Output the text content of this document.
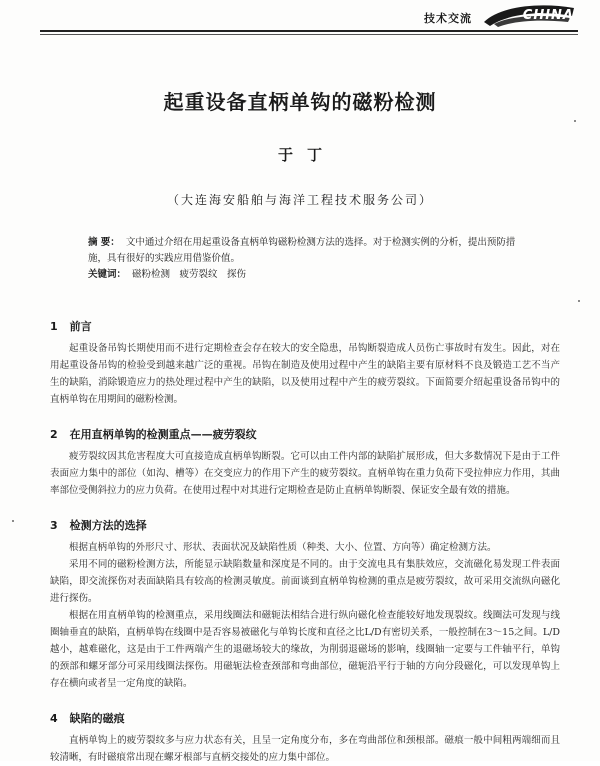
技术交流	CHINA
起重设备直柄单钩的磁粉检测
于丁
（大连海安船舶与海洋工程技术服务公司）
摘 要： 文中通过介绍在用起重设备直柄单钩磁粉检测方法的选择。对于检测实例的分析，提出预防措施，具有很好的实践应用借鉴价值。
关键词： 磁粉检测　疲劳裂纹　探伤
1 前言

起重设备吊钩长期使用而不进行定期检查会存在较大的安全隐患，吊钩断裂造成人员伤亡事故时有发生。因此，对在用起重设备吊钩的检验受到越来越广泛的重视。吊钩在制造及使用过程中产生的缺陷主要有原材料不良及锻造工艺不当产生的缺陷，消除锻造应力的热处理过程中产生的缺陷，以及使用过程中产生的疲劳裂纹。下面简要介绍起重设备吊钩中的直柄单钩在用期间的磁粉检测。

2 在用直柄单钩的检测重点——疲劳裂纹

疲劳裂纹因其危害程度大可直接造成直柄单钩断裂。它可以由工件内部的缺陷扩展形成，但大多数情况下是由于工件表面应力集中的部位（如沟、槽等）在交变应力的作用下产生的疲劳裂纹。直柄单钩在重力负荷下受拉伸应力作用，其曲率部位受侧斜拉力的应力负荷。在使用过程中对其进行定期检查是防止直柄单钩断裂、保证安全最有效的措施。

3 检测方法的选择

根据直柄单钩的外形尺寸、形状、表面状况及缺陷性质（种类、大小、位置、方向等）确定检测方法。

采用不同的磁粉检测方法，所能显示缺陷数量和深度是不同的。由于交流电具有集肤效应，交流磁化易发现工件表面缺陷，即交流探伤对表面缺陷具有较高的检测灵敏度。前面谈到直柄单钩检测的重点是疲劳裂纹，故可采用交流纵向磁化进行探伤。

根据在用直柄单钩的检测重点，采用线圈法和磁轭法相结合进行纵向磁化检查能较好地发现裂纹。线圈法可发现与线圈轴垂直的缺陷，直柄单钩在线圈中是否容易被磁化与单钩长度和直径之比L/D有密切关系，一般控制在3～15之间。L/D越小，越难磁化，这是由于工件两端产生的退磁场较大的缘故，为削弱退磁场的影响，线圈轴一定要与工件轴平行，单钩的颈部和螺牙部分可采用线圈法探伤。用磁轭法检查颈部和弯曲部位，磁轭沿平行于轴的方向分段磁化，可以发现单钩上存在横向或者呈一定角度的缺陷。

4 缺陷的磁痕

直柄单钩上的疲劳裂纹多与应力状态有关，且呈一定角度分布，多在弯曲部位和颈根部。磁痕一般中间粗两端细而且较清晰，有时磁痕常出现在螺牙根部与直柄交接处的应力集中部位。
